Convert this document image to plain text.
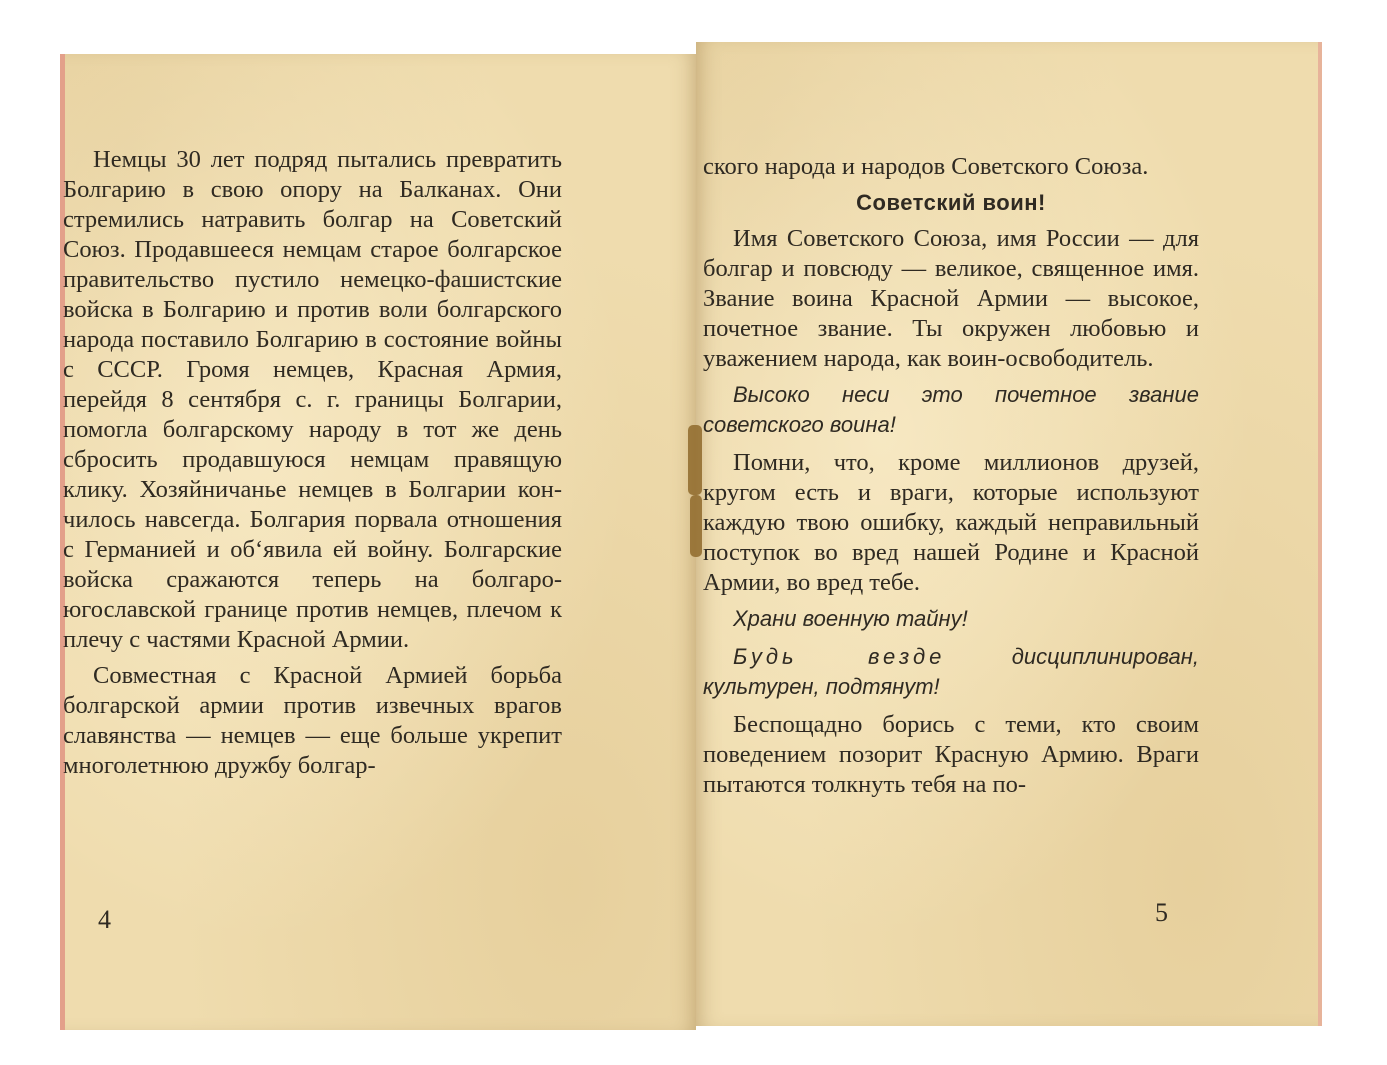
Немцы 30 лет подряд пытались превратить Болгарию в свою опору на Балканах. Они стремились натравить болгар на Советский Союз. Продавшееся немцам старое болгарское правительство пустило немецко-фашистские войска в Болгарию и против воли болгарского народа поставило Болгарию в состояние войны с СССР. Громя немцев, Красная Армия, перейдя 8 сентября с. г. границы Болгарии, помогла болгарскому народу в тот же день сбросить продавшуюся немцам правящую клику. Хозяйничанье немцев в Болгарии кончилось навсегда. Болгария порвала отношения с Германией и об‘явила ей войну. Болгарские войска сражаются теперь на болгаро-югославской границе против немцев, плечом к плечу с частями Красной Армии.

Совместная с Красной Армией борьба болгарской армии против извечных врагов славянства — немцев — еще больше укрепит многолетнюю дружбу болгар-

4

ского народа и народов Советского Союза.

Советский воин!

Имя Советского Союза, имя России — для болгар и повсюду — великое, священное имя. Звание воина Красной Армии — высокое, почетное звание. Ты окружен любовью и уважением народа, как воин-освободитель.

Высоко неси это почетное звание советского воина!

Помни, что, кроме миллионов друзей, кругом есть и враги, которые используют каждую твою ошибку, каждый неправильный поступок во вред нашей Родине и Красной Армии, во вред тебе.

Храни военную тайну!

Будь везде дисциплинирован, культурен, подтянут!

Беспощадно борись с теми, кто своим поведением позорит Красную Армию. Враги пытаются толкнуть тебя на по-

5
